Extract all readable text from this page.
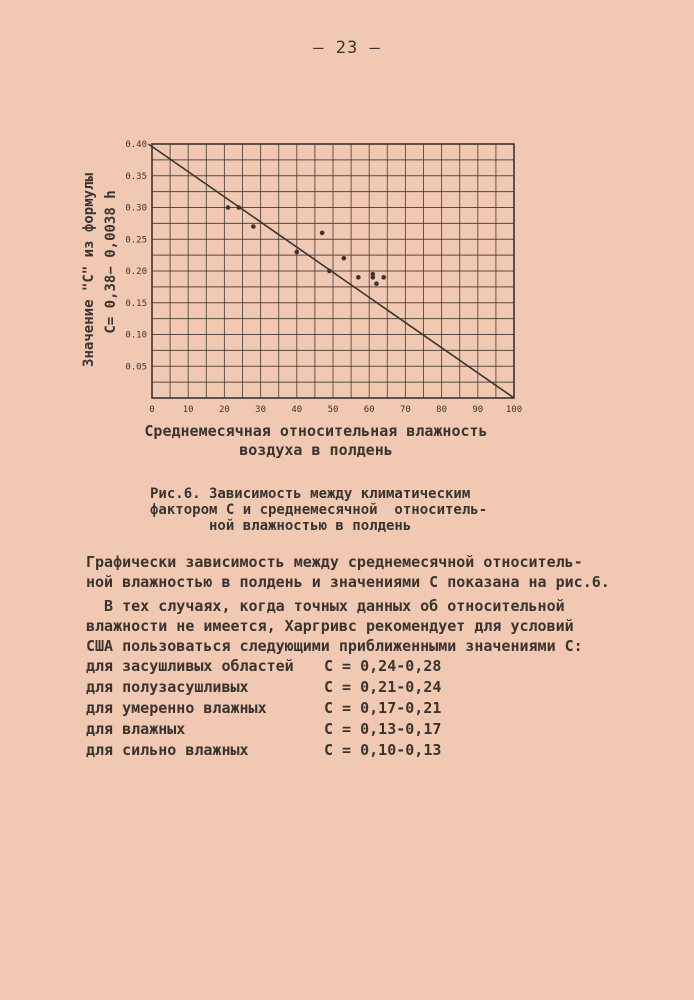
— 23 —
0.40
0.35
0.30
0.25
0.20
0.15
0.10
0.05
0	10	20	30	40	50	60	70	80	90	100
Значение "С" из формулы С= 0,38− 0,0038 h
Среднемесячная относительная влажность
воздуха в полдень
Рис.6. Зависимость между климатическим
фактором С и среднемесячной  относитель-
ной влажностью в полдень
Графически зависимость между среднемесячной относитель-
ной влажностью в полдень и значениями С показана на рис.6.
В тех случаях, когда точных данных об относительной
влажности не имеется, Харгривс рекомендует для условий
США пользоваться следующими приближенными значениями С:
для засушливых областей С = 0,24-0,28
для полузасушливых	С = 0,21-0,24
для умеренно влажных	С = 0,17-0,21
для влажных	С = 0,13-0,17
для сильно влажных	С = 0,10-0,13
